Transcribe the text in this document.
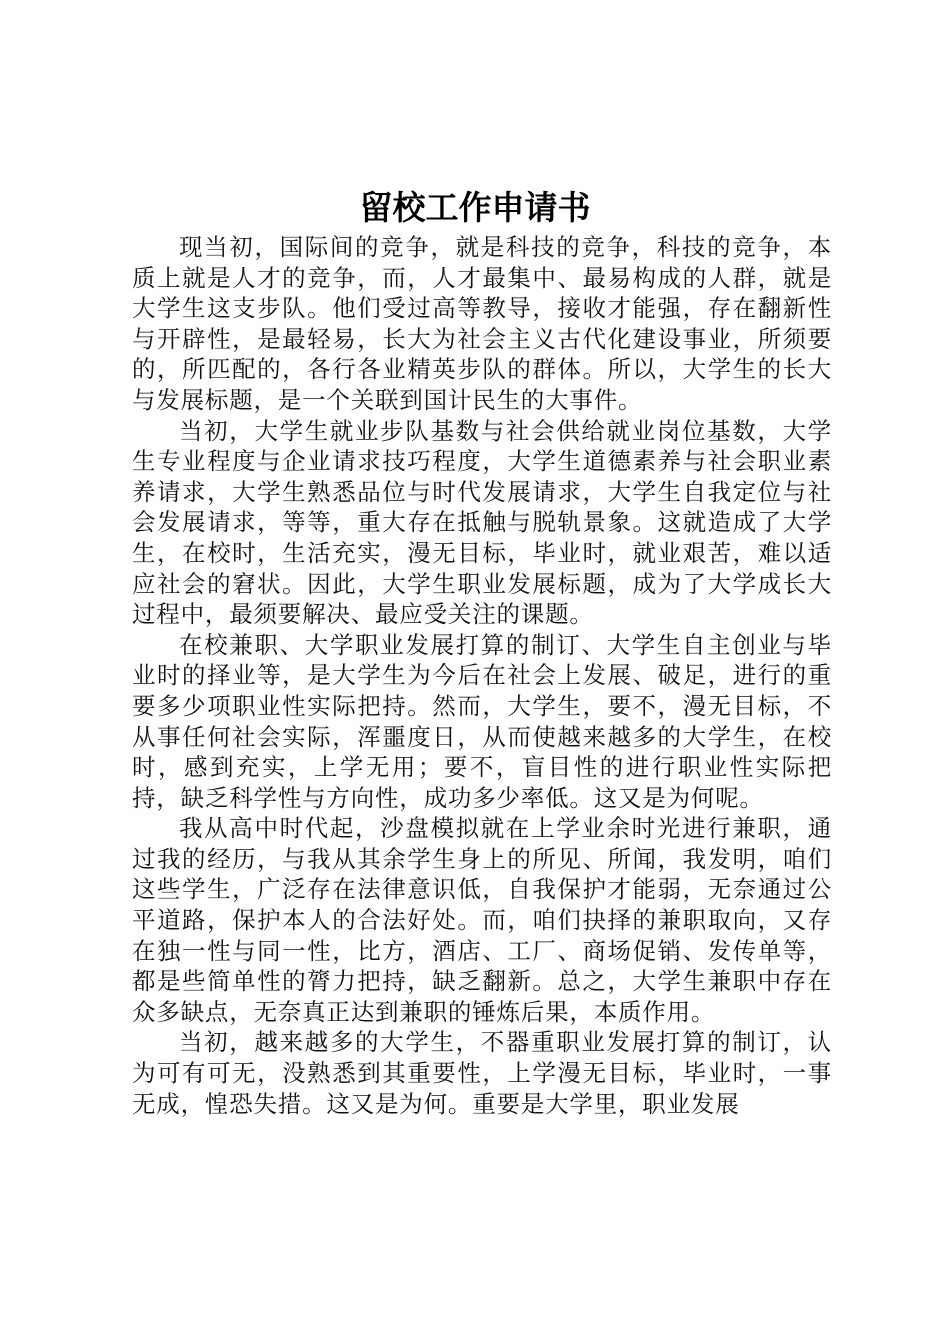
留校工作申请书

现当初，国际间的竞争，就是科技的竞争，科技的竞争，本质上就是人才的竞争，而，人才最集中、最易构成的人群，就是大学生这支步队。他们受过高等教导，接收才能强，存在翻新性与开辟性，是最轻易，长大为社会主义古代化建设事业，所须要的，所匹配的，各行各业精英步队的群体。所以，大学生的长大与发展标题，是一个关联到国计民生的大事件。

当初，大学生就业步队基数与社会供给就业岗位基数，大学生专业程度与企业请求技巧程度，大学生道德素养与社会职业素养请求，大学生熟悉品位与时代发展请求，大学生自我定位与社会发展请求，等等，重大存在抵触与脱轨景象。这就造成了大学生，在校时，生活充实，漫无目标，毕业时，就业艰苦，难以适应社会的窘状。因此，大学生职业发展标题，成为了大学成长大过程中，最须要解决、最应受关注的课题。

在校兼职、大学职业发展打算的制订、大学生自主创业与毕业时的择业等，是大学生为今后在社会上发展、破足，进行的重要多少项职业性实际把持。然而，大学生，要不，漫无目标，不从事任何社会实际，浑噩度日，从而使越来越多的大学生，在校时，感到充实，上学无用；要不，盲目性的进行职业性实际把持，缺乏科学性与方向性，成功多少率低。这又是为何呢。

我从高中时代起，沙盘模拟就在上学业余时光进行兼职，通过我的经历，与我从其余学生身上的所见、所闻，我发明，咱们这些学生，广泛存在法律意识低，自我保护才能弱，无奈通过公平道路，保护本人的合法好处。而，咱们抉择的兼职取向，又存在独一性与同一性，比方，酒店、工厂、商场促销、发传单等，都是些简单性的膂力把持，缺乏翻新。总之，大学生兼职中存在众多缺点，无奈真正达到兼职的锤炼后果，本质作用。

当初，越来越多的大学生，不器重职业发展打算的制订，认为可有可无，没熟悉到其重要性，上学漫无目标，毕业时，一事无成，惶恐失措。这又是为何。重要是大学里，职业发展
